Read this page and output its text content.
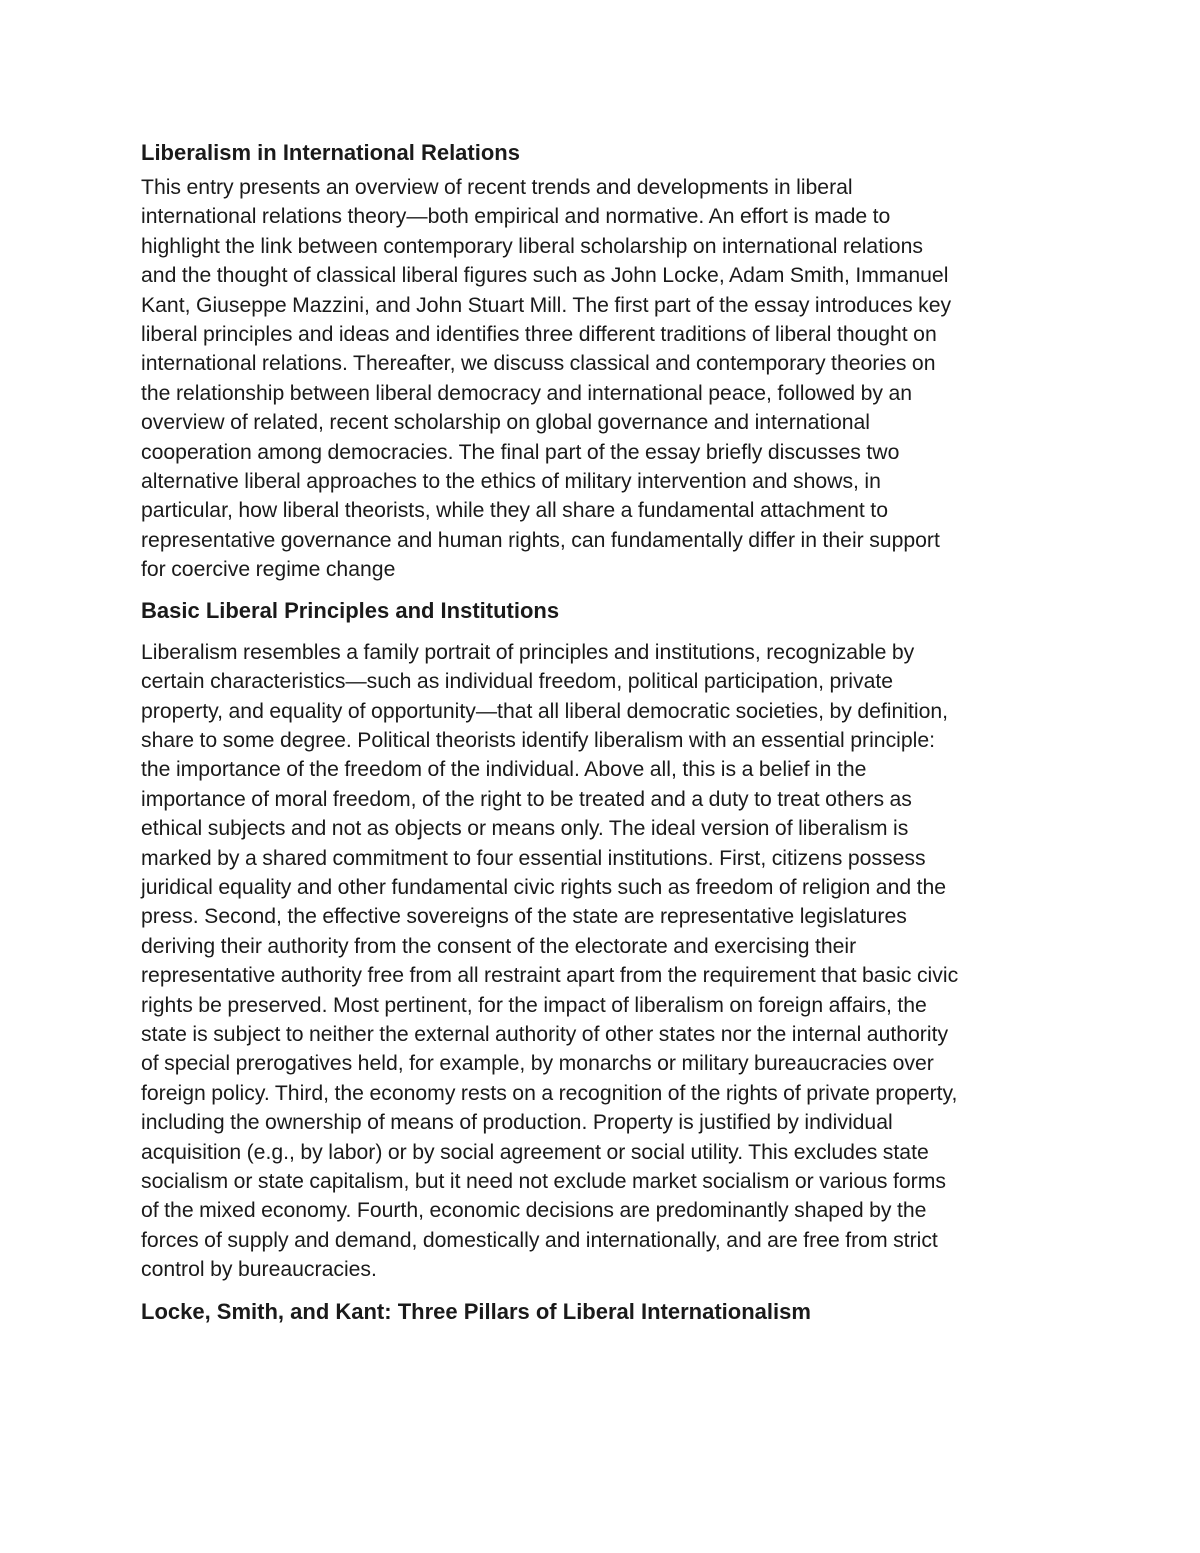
Liberalism in International Relations

This entry presents an overview of recent trends and developments in liberal
international relations theory—both empirical and normative. An effort is made to
highlight the link between contemporary liberal scholarship on international relations
and the thought of classical liberal figures such as John Locke, Adam Smith, Immanuel
Kant, Giuseppe Mazzini, and John Stuart Mill. The first part of the essay introduces key
liberal principles and ideas and identifies three different traditions of liberal thought on
international relations. Thereafter, we discuss classical and contemporary theories on
the relationship between liberal democracy and international peace, followed by an
overview of related, recent scholarship on global governance and international
cooperation among democracies. The final part of the essay briefly discusses two
alternative liberal approaches to the ethics of military intervention and shows, in
particular, how liberal theorists, while they all share a fundamental attachment to
representative governance and human rights, can fundamentally differ in their support
for coercive regime change

Basic Liberal Principles and Institutions

Liberalism resembles a family portrait of principles and institutions, recognizable by
certain characteristics—such as individual freedom, political participation, private
property, and equality of opportunity—that all liberal democratic societies, by definition,
share to some degree. Political theorists identify liberalism with an essential principle:
the importance of the freedom of the individual. Above all, this is a belief in the
importance of moral freedom, of the right to be treated and a duty to treat others as
ethical subjects and not as objects or means only. The ideal version of liberalism is
marked by a shared commitment to four essential institutions. First, citizens possess
juridical equality and other fundamental civic rights such as freedom of religion and the
press. Second, the effective sovereigns of the state are representative legislatures
deriving their authority from the consent of the electorate and exercising their
representative authority free from all restraint apart from the requirement that basic civic
rights be preserved. Most pertinent, for the impact of liberalism on foreign affairs, the
state is subject to neither the external authority of other states nor the internal authority
of special prerogatives held, for example, by monarchs or military bureaucracies over
foreign policy. Third, the economy rests on a recognition of the rights of private property,
including the ownership of means of production. Property is justified by individual
acquisition (e.g., by labor) or by social agreement or social utility. This excludes state
socialism or state capitalism, but it need not exclude market socialism or various forms
of the mixed economy. Fourth, economic decisions are predominantly shaped by the
forces of supply and demand, domestically and internationally, and are free from strict
control by bureaucracies.

Locke, Smith, and Kant: Three Pillars of Liberal Internationalism
